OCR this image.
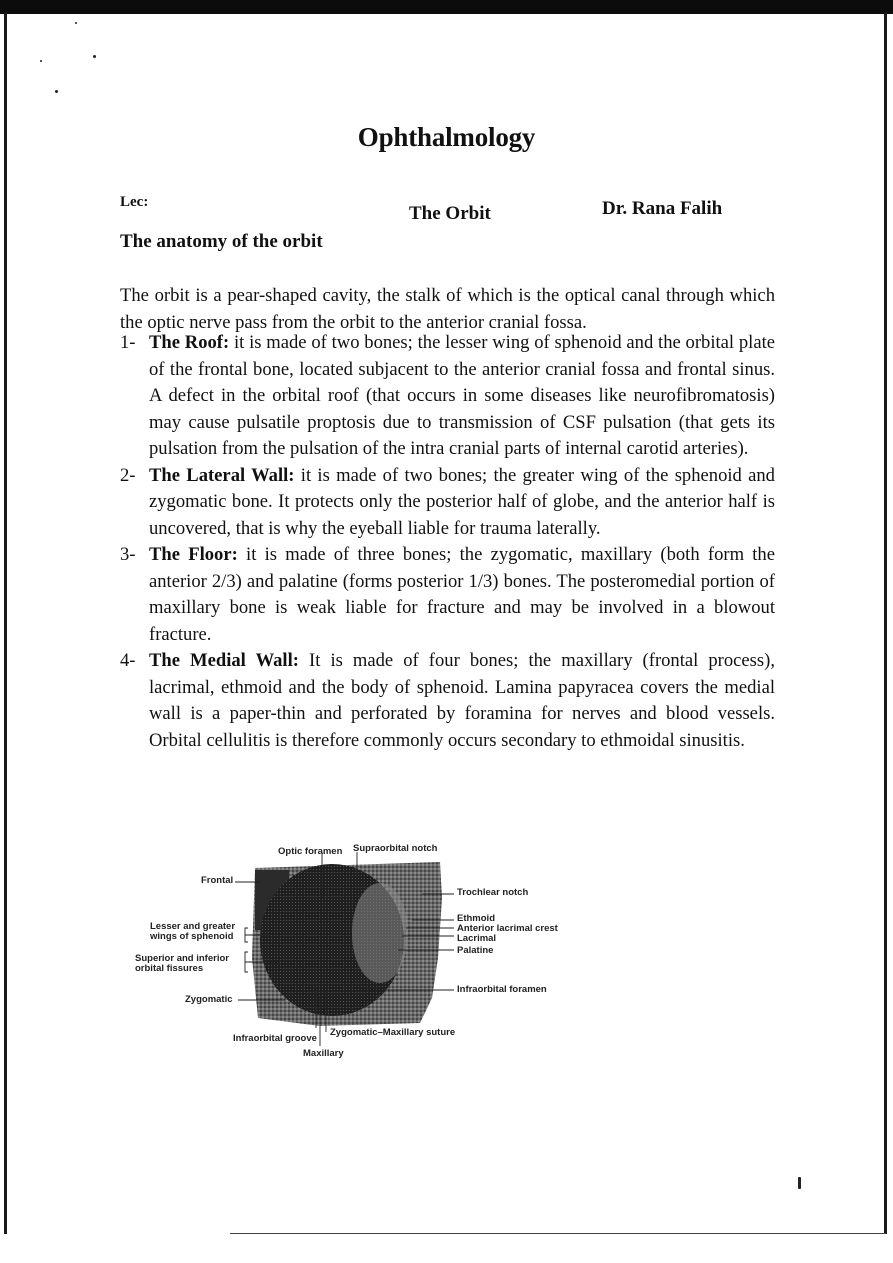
Ophthalmology
Lec:
The Orbit	Dr. Rana Falih
The anatomy of the orbit
The orbit is a pear-shaped cavity, the stalk of which is the optical canal through which the optic nerve pass from the orbit to the anterior cranial fossa.
1- The Roof: it is made of two bones; the lesser wing of sphenoid and the orbital plate of the frontal bone, located subjacent to the anterior cranial fossa and frontal sinus. A defect in the orbital roof (that occurs in some diseases like neurofibromatosis) may cause pulsatile proptosis due to transmission of CSF pulsation (that gets its pulsation from the pulsation of the intra cranial parts of internal carotid arteries).
2- The Lateral Wall: it is made of two bones; the greater wing of the sphenoid and zygomatic bone. It protects only the posterior half of globe, and the anterior half is uncovered, that is why the eyeball liable for trauma laterally.
3- The Floor: it is made of three bones; the zygomatic, maxillary (both form the anterior 2/3) and palatine (forms posterior 1/3) bones. The posteromedial portion of maxillary bone is weak liable for fracture and may be involved in a blowout fracture.
4- The Medial Wall: It is made of four bones; the maxillary (frontal process), lacrimal, ethmoid and the body of sphenoid. Lamina papyracea covers the medial wall is a paper-thin and perforated by foramina for nerves and blood vessels. Orbital cellulitis is therefore commonly occurs secondary to ethmoidal sinusitis.
Optic foramen Supraorbital notch
Frontal
Trochlear notch
Ethmoid
Anterior lacrimal crest
Lacrimal
Palatine
Lesser and greater
wings of sphenoid
Superior and inferior
orbital fissures
Zygomatic
Infraorbital foramen
Infraorbital groove
Zygomatic–Maxillary suture
Maxillary
